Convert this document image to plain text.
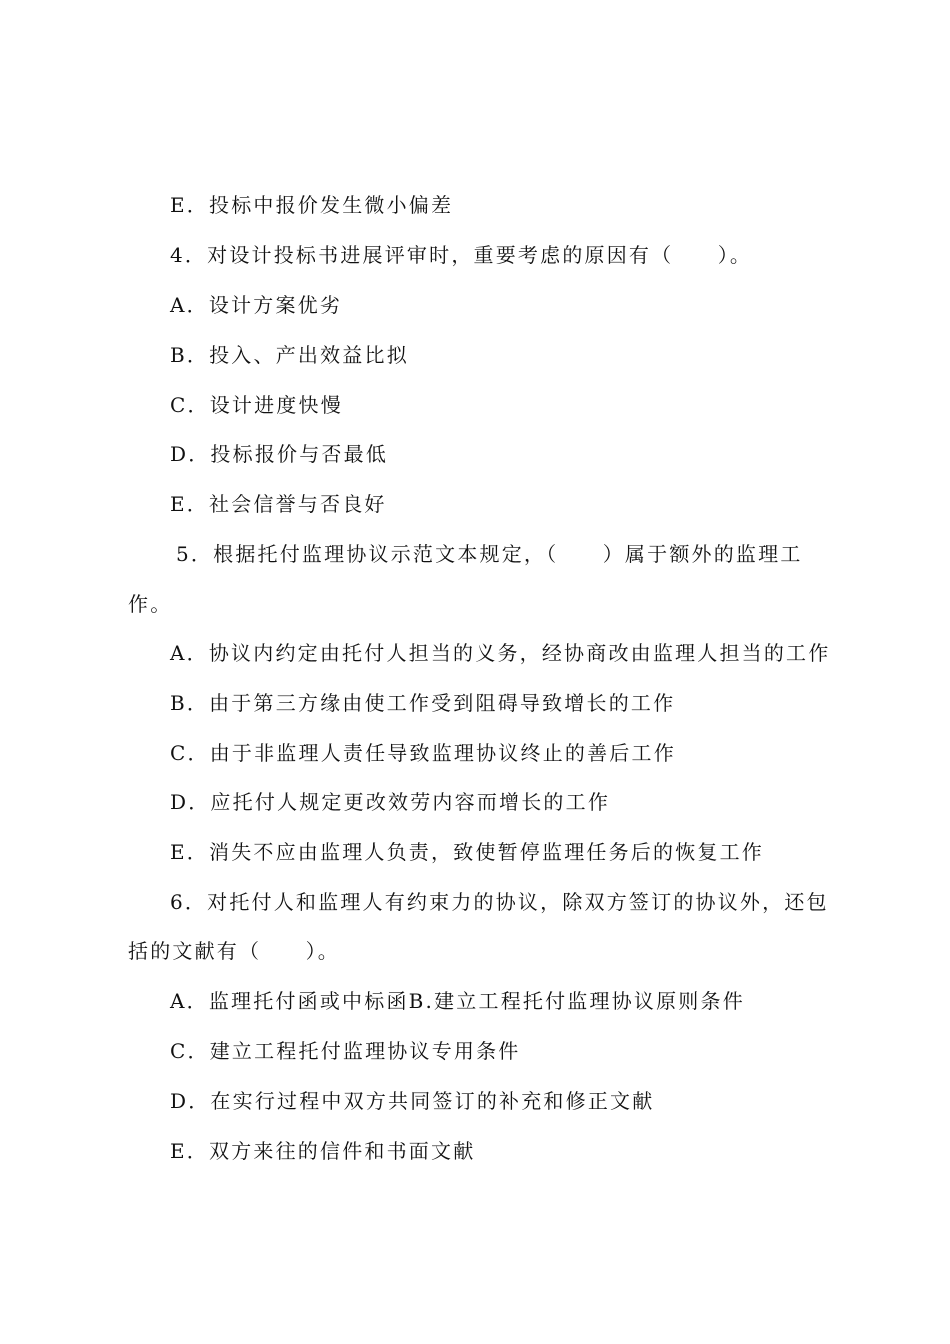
E．投标中报价发生微小偏差
4．对设计投标书进展评审时，重要考虑的原因有（　　）。
A．设计方案优劣
B．投入、产出效益比拟
C．设计进度快慢
D．投标报价与否最低
E．社会信誉与否良好
5．根据托付监理协议示范文本规定，（　　）属于额外的监理工
作。
A．协议内约定由托付人担当的义务，经协商改由监理人担当的工作
B．由于第三方缘由使工作受到阻碍导致增长的工作
C．由于非监理人责任导致监理协议终止的善后工作
D．应托付人规定更改效劳内容而增长的工作
E．消失不应由监理人负责，致使暂停监理任务后的恢复工作
6．对托付人和监理人有约束力的协议，除双方签订的协议外，还包
括的文献有（　　）。
A．监理托付函或中标函B.建立工程托付监理协议原则条件
C．建立工程托付监理协议专用条件
D．在实行过程中双方共同签订的补充和修正文献
E．双方来往的信件和书面文献
